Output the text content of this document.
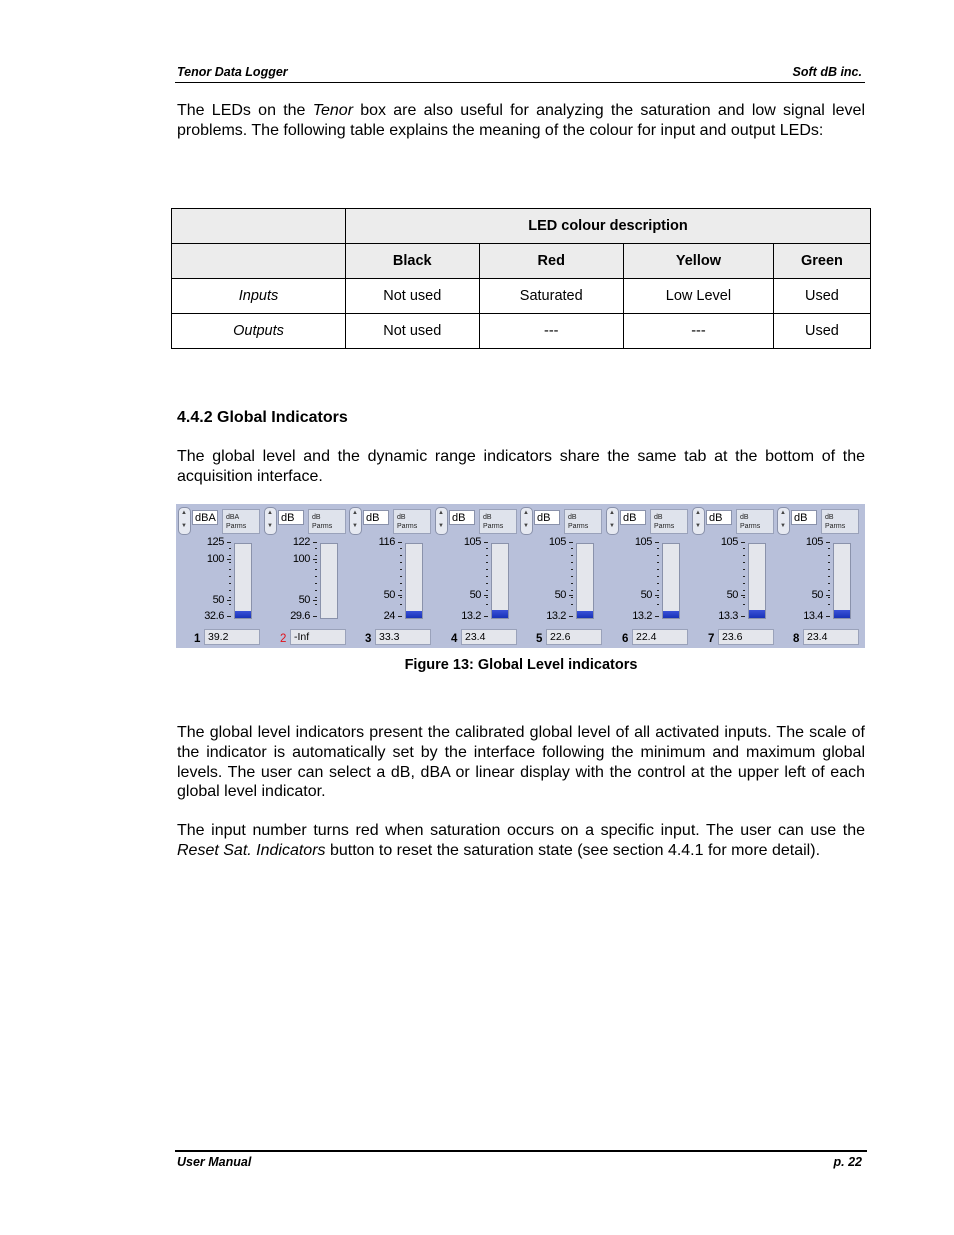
Tenor Data Logger	Soft dB inc.

The LEDs on the Tenor box are also useful for analyzing the saturation and low signal level problems. The following table explains the meaning of the colour for input and output LEDs:

	LED colour description			
	Black	Red	Yellow	Green
Inputs	Not used	Saturated	Low Level	Used
Outputs	Not used	---	---	Used
4.4.2 Global Indicators

The global level and the dynamic range indicators share the same tab at the bottom of the acquisition interface.

▲
▼
dBA	dBA
Parms
125
100
50
32.6
1 39.2
▲
▼
dB	dB
Parms
122
100
50
29.6
2 -Inf
▲
▼
dB	dB
Parms
116
50
24
3 33.3
▲
▼
dB	dB
Parms
105
50
13.2
4 23.4
▲
▼
dB	dB
Parms
105
50
13.2
5 22.6
▲
▼
dB	dB
Parms
105
50
13.2
6 22.4
▲
▼
dB	dB
Parms
105
50
13.3
7 23.6
▲
▼
dB	dB
Parms
105
50
13.4
8 23.4

Figure 13: Global Level indicators

The global level indicators present the calibrated global level of all activated inputs. The scale of the indicator is automatically set by the interface following the minimum and maximum global levels. The user can select a dB, dBA or linear display with the control at the upper left of each global level indicator.

The input number turns red when saturation occurs on a specific input. The user can use the Reset Sat. Indicators button to reset the saturation state (see section 4.4.1 for more detail).

User Manual	p. 22
